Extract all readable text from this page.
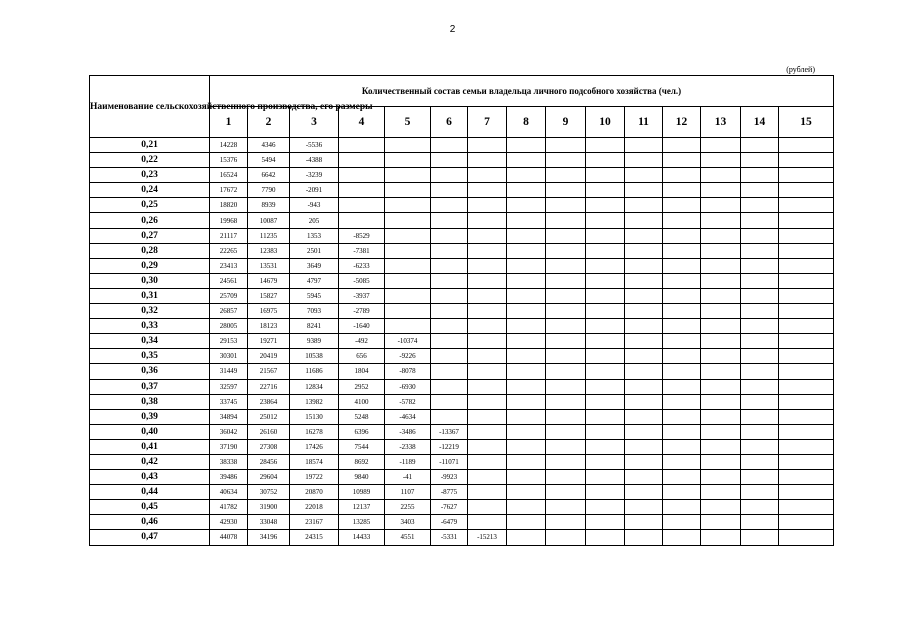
2
(рублей)
Наименование сельскохозяйственного производства, его размеры	Количественный состав семьи владельца личного подсобного хозяйства (чел.)														
	1	2	3	4	5	6	7	8	9	10	11	12	13	14	15
0,21	14228	4346	-5536												
0,22	15376	5494	-4388												
0,23	16524	6642	-3239												
0,24	17672	7790	-2091												
0,25	18820	8939	-943												
0,26	19968	10087	205												
0,27	21117	11235	1353	-8529											
0,28	22265	12383	2501	-7381											
0,29	23413	13531	3649	-6233											
0,30	24561	14679	4797	-5085											
0,31	25709	15827	5945	-3937											
0,32	26857	16975	7093	-2789											
0,33	28005	18123	8241	-1640											
0,34	29153	19271	9389	-492	-10374										
0,35	30301	20419	10538	656	-9226										
0,36	31449	21567	11686	1804	-8078										
0,37	32597	22716	12834	2952	-6930										
0,38	33745	23864	13982	4100	-5782										
0,39	34894	25012	15130	5248	-4634										
0,40	36042	26160	16278	6396	-3486	-13367									
0,41	37190	27308	17426	7544	-2338	-12219									
0,42	38338	28456	18574	8692	-1189	-11071									
0,43	39486	29604	19722	9840	-41	-9923									
0,44	40634	30752	20870	10989	1107	-8775									
0,45	41782	31900	22018	12137	2255	-7627									
0,46	42930	33048	23167	13285	3403	-6479									
0,47	44078	34196	24315	14433	4551	-5331	-15213								
